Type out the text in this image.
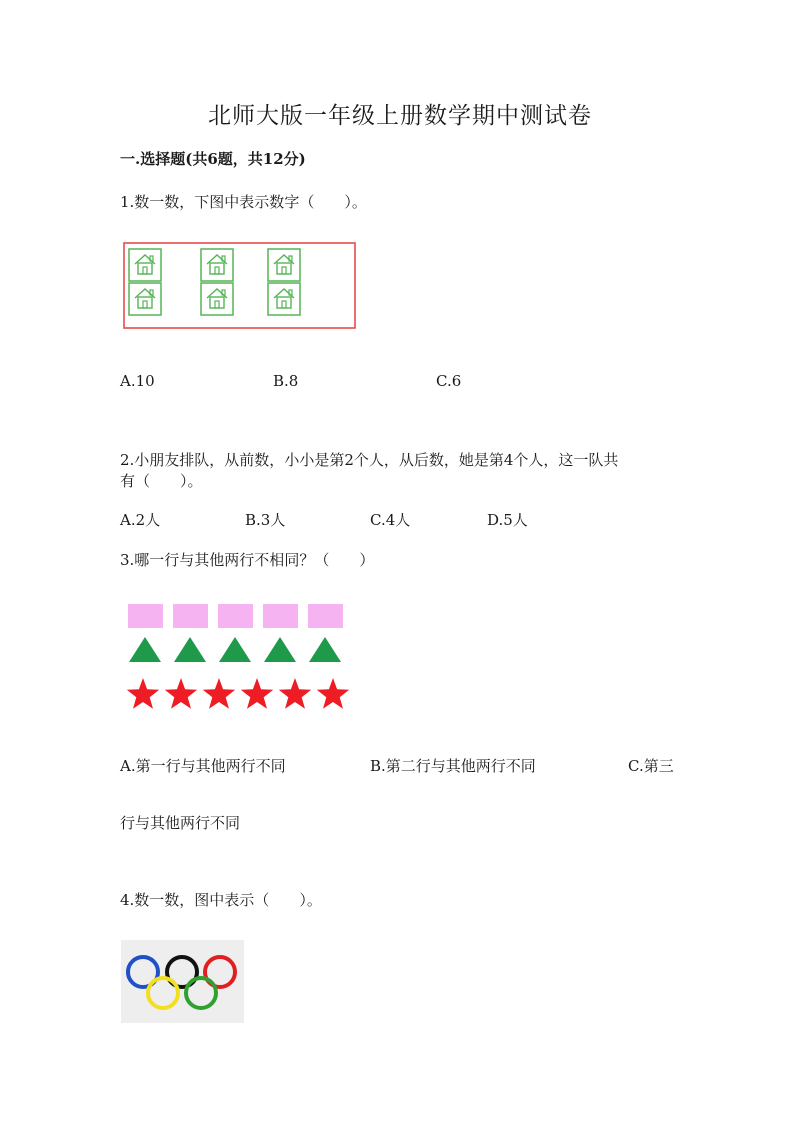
北师大版一年级上册数学期中测试卷
一.选择题(共6题，共12分)
1.数一数，下图中表示数字（　　）。
A.10	B.8	C.6
2.小朋友排队，从前数，小小是第2个人，从后数，她是第4个人，这一队共
有（　　）。
A.2人	B.3人	C.4人	D.5人
3.哪一行与其他两行不相同？（　　）
A.第一行与其他两行不同	B.第二行与其他两行不同	C.第三
行与其他两行不同
4.数一数，图中表示（　　）。
